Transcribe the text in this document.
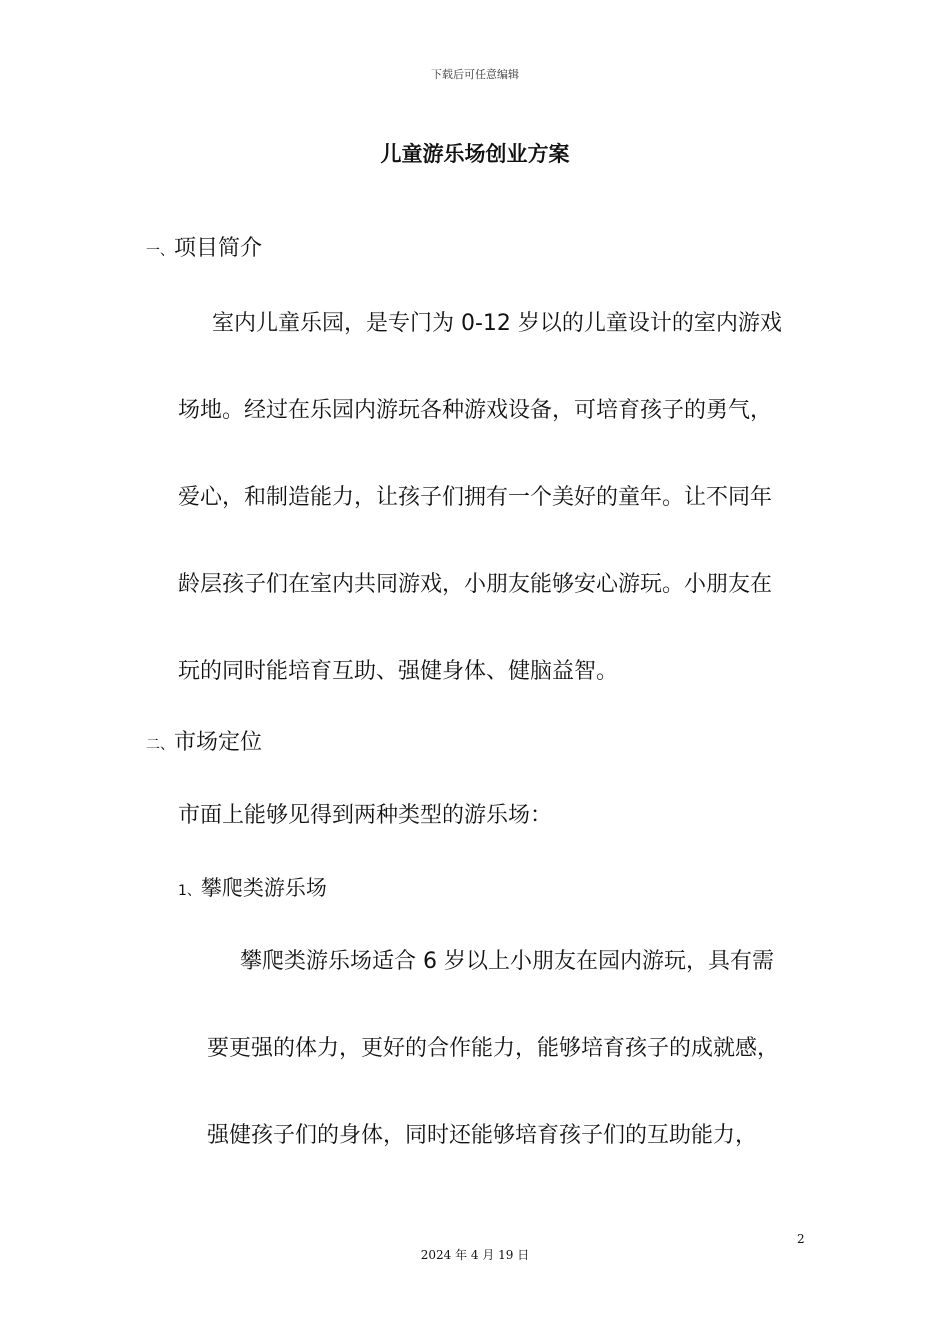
下载后可任意编辑
儿童游乐场创业方案
一、项目简介
室内儿童乐园，是专门为 0-12 岁以的儿童设计的室内游戏
场地。经过在乐园内游玩各种游戏设备，可培育孩子的勇气，
爱心，和制造能力，让孩子们拥有一个美好的童年。让不同年
龄层孩子们在室内共同游戏，小朋友能够安心游玩。小朋友在
玩的同时能培育互助、强健身体、健脑益智。
二、市场定位
市面上能够见得到两种类型的游乐场：
1、攀爬类游乐场
攀爬类游乐场适合 6 岁以上小朋友在园内游玩，具有需
要更强的体力，更好的合作能力，能够培育孩子的成就感，
强健孩子们的身体，同时还能够培育孩子们的互助能力，
2
2024 年 4 月 19 日
